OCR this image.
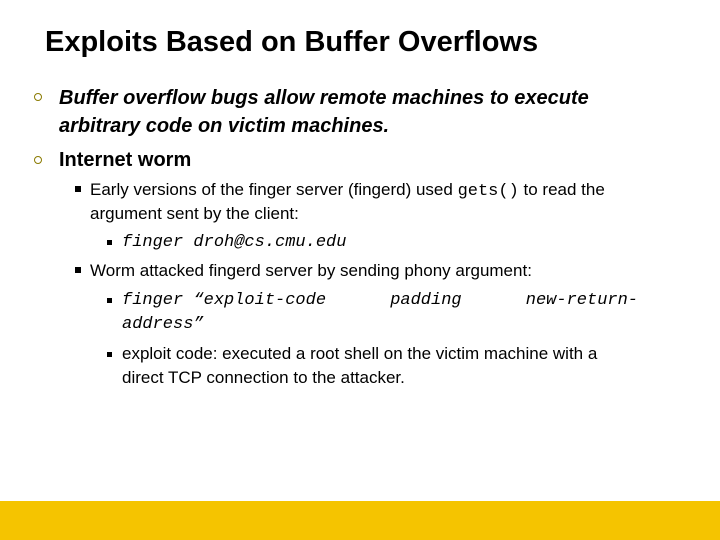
Exploits Based on Buffer Overflows
Buffer overflow bugs allow remote machines to execute
arbitrary code on victim machines.
Internet worm
Early versions of the finger server (fingerd) used gets() to read the
argument sent by the client:
finger droh@cs.cmu.edu
Worm attacked fingerd server by sending phony argument:
finger “exploit-code	padding	new-return-
address”
exploit code: executed a root shell on the victim machine with a
direct TCP connection to the attacker.
